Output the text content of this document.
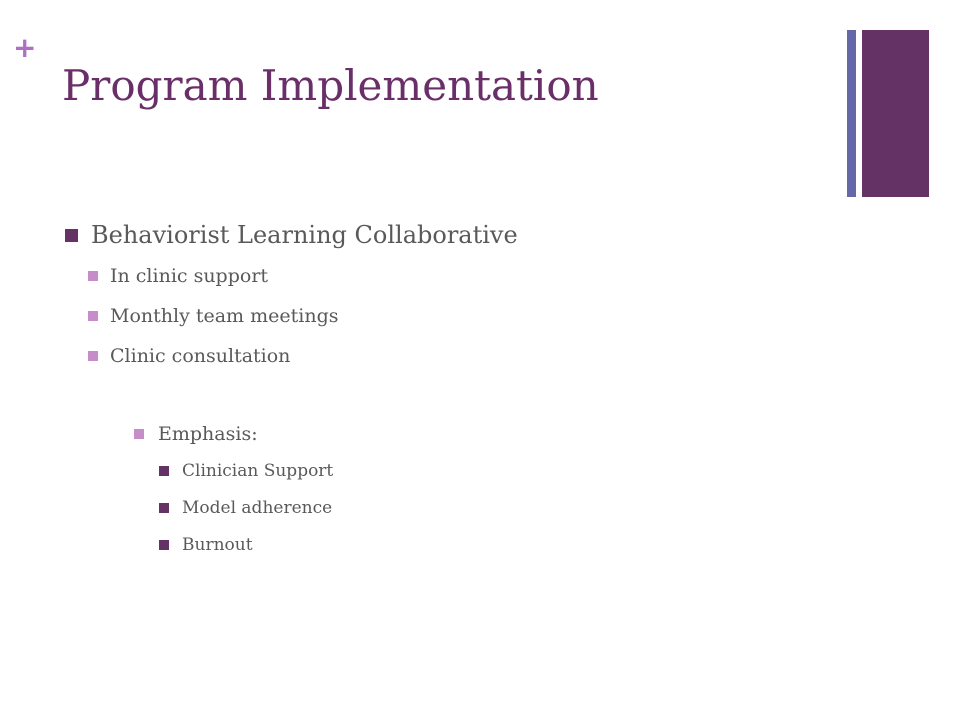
+
Program Implementation
Behaviorist Learning Collaborative
In clinic support
Monthly team meetings
Clinic consultation
Emphasis:
Clinician Support
Model adherence
Burnout
